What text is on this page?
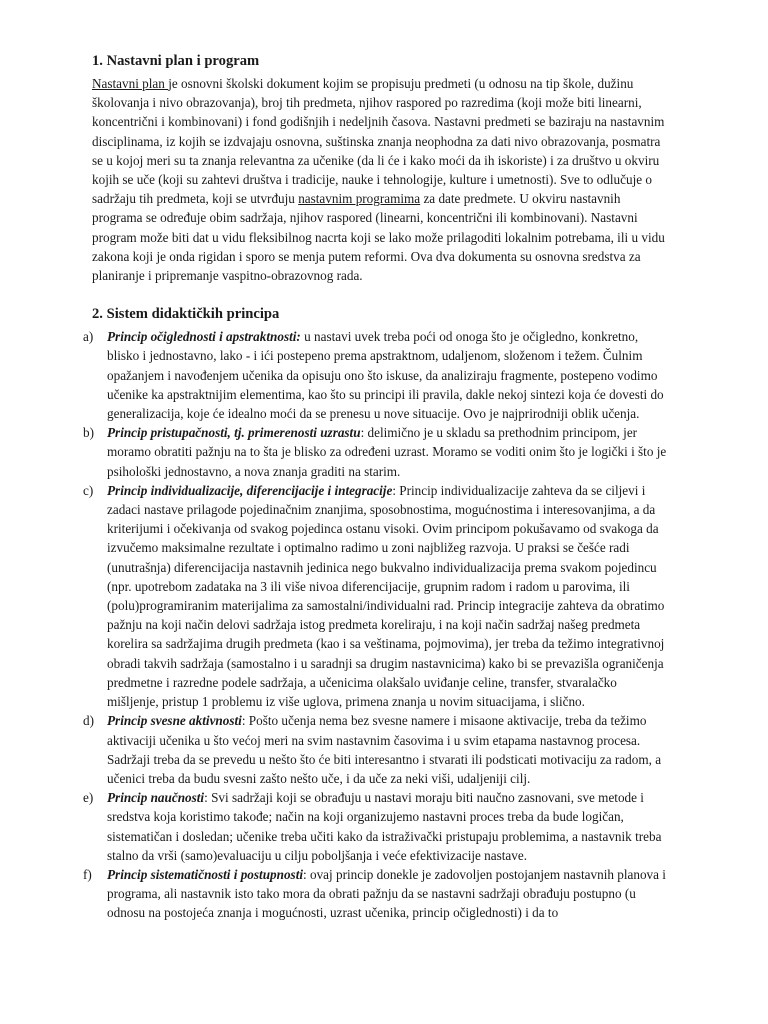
1. Nastavni plan i program

Nastavni plan je osnovni školski dokument kojim se propisuju predmeti (u odnosu na tip škole, dužinu školovanja i nivo obrazovanja), broj tih predmeta, njihov raspored po razredima (koji može biti linearni, koncentrični i kombinovani) i fond godišnjih i nedeljnih časova. Nastavni predmeti se baziraju na nastavnim disciplinama, iz kojih se izdvajaju osnovna, suštinska znanja neophodna za dati nivo obrazovanja, posmatra se u kojoj meri su ta znanja relevantna za učenike (da li će i kako moći da ih iskoriste) i za društvo u okviru kojih se uče (koji su zahtevi društva i tradicije, nauke i tehnologije, kulture i umetnosti). Sve to odlučuje o sadržaju tih predmeta, koji se utvrđuju nastavnim programima za date predmete. U okviru nastavnih programa se određuje obim sadržaja, njihov raspored (linearni, koncentrični ili kombinovani). Nastavni program može biti dat u vidu fleksibilnog nacrta koji se lako može prilagoditi lokalnim potrebama, ili u vidu zakona koji je onda rigidan i sporo se menja putem reformi. Ova dva dokumenta su osnovna sredstva za planiranje i pripremanje vaspitno-obrazovnog rada.

2. Sistem didaktičkih principa
a) Princip očiglednosti i apstraktnosti: u nastavi uvek treba poći od onoga što je očigledno, konkretno, blisko i jednostavno, lako - i ići postepeno prema apstraktnom, udaljenom, složenom i težem. Čulnim opažanjem i navođenjem učenika da opisuju ono što iskuse, da analiziraju fragmente, postepeno vodimo učenike ka apstraktnijim elementima, kao što su principi ili pravila, dakle nekoj sintezi koja će dovesti do generalizacija, koje će idealno moći da se prenesu u nove situacije. Ovo je najprirodniji oblik učenja.
b) Princip pristupačnosti, tj. primerenosti uzrastu: delimično je u skladu sa prethodnim principom, jer moramo obratiti pažnju na to šta je blisko za određeni uzrast. Moramo se voditi onim što je logički i što je psihološki jednostavno, a nova znanja graditi na starim.
c) Princip individualizacije, diferencijacije i integracije: Princip individualizacije zahteva da se ciljevi i zadaci nastave prilagode pojedinačnim znanjima, sposobnostima, mogućnostima i interesovanjima, a da kriterijumi i očekivanja od svakog pojedinca ostanu visoki. Ovim principom pokušavamo od svakoga da izvučemo maksimalne rezultate i optimalno radimo u zoni najbližeg razvoja. U praksi se češće radi (unutrašnja) diferencijacija nastavnih jedinica nego bukvalno individualizacija prema svakom pojedincu (npr. upotrebom zadataka na 3 ili više nivoa diferencijacije, grupnim radom i radom u parovima, ili (polu)programiranim materijalima za samostalni/individualni rad. Princip integracije zahteva da obratimo pažnju na koji način delovi sadržaja istog predmeta koreliraju, i na koji način sadržaj našeg predmeta korelira sa sadržajima drugih predmeta (kao i sa veštinama, pojmovima), jer treba da težimo integrativnoj obradi takvih sadržaja (samostalno i u saradnji sa drugim nastavnicima) kako bi se prevazišla ograničenja predmetne i razredne podele sadržaja, a učenicima olakšalo uviđanje celine, transfer, stvaralačko mišljenje, pristup 1 problemu iz više uglova, primena znanja u novim situacijama, i slično.
d) Princip svesne aktivnosti: Pošto učenja nema bez svesne namere i misaone aktivacije, treba da težimo aktivaciji učenika u što većoj meri na svim nastavnim časovima i u svim etapama nastavnog procesa. Sadržaji treba da se prevedu u nešto što će biti interesantno i stvarati ili podsticati motivaciju za radom, a učenici treba da budu svesni zašto nešto uče, i da uče za neki viši, udaljeniji cilj.
e) Princip naučnosti: Svi sadržaji koji se obrađuju u nastavi moraju biti naučno zasnovani, sve metode i sredstva koja koristimo takođe; način na koji organizujemo nastavni proces treba da bude logičan, sistematičan i dosledan; učenike treba učiti kako da istraživački pristupaju problemima, a nastavnik treba stalno da vrši (samo)evaluaciju u cilju poboljšanja i veće efektivizacije nastave.
f) Princip sistematičnosti i postupnosti: ovaj princip donekle je zadovoljen postojanjem nastavnih planova i programa, ali nastavnik isto tako mora da obrati pažnju da se nastavni sadržaji obrađuju postupno (u odnosu na postojeća znanja i mogućnosti, uzrast učenika, princip očiglednosti) i da to
